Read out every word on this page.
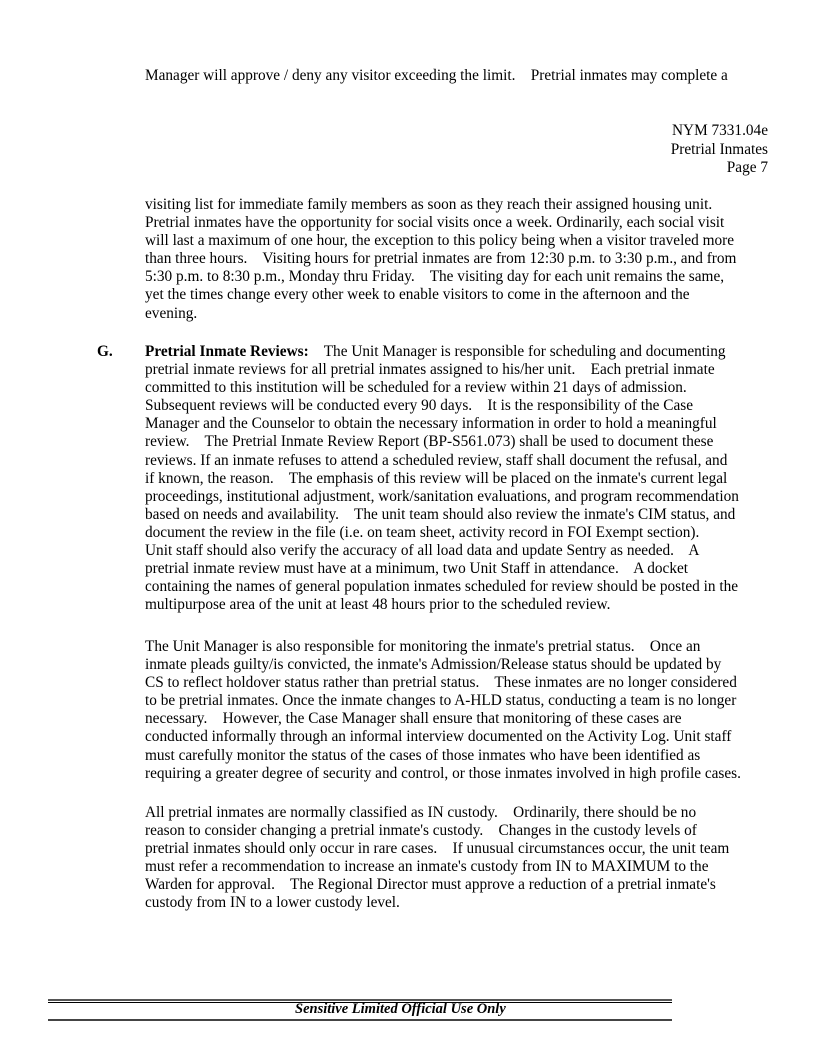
Manager will approve / deny any visitor exceeding the limit.    Pretrial inmates may complete a
NYM 7331.04e
Pretrial Inmates
Page 7
visiting list for immediate family members as soon as they reach their assigned housing unit.
Pretrial inmates have the opportunity for social visits once a week. Ordinarily, each social visit
will last a maximum of one hour, the exception to this policy being when a visitor traveled more
than three hours.    Visiting hours for pretrial inmates are from 12:30 p.m. to 3:30 p.m., and from
5:30 p.m. to 8:30 p.m., Monday thru Friday.    The visiting day for each unit remains the same,
yet the times change every other week to enable visitors to come in the afternoon and the
evening.
G. Pretrial Inmate Reviews:    The Unit Manager is responsible for scheduling and documenting
pretrial inmate reviews for all pretrial inmates assigned to his/her unit.    Each pretrial inmate
committed to this institution will be scheduled for a review within 21 days of admission.
Subsequent reviews will be conducted every 90 days.    It is the responsibility of the Case
Manager and the Counselor to obtain the necessary information in order to hold a meaningful
review.    The Pretrial Inmate Review Report (BP-S561.073) shall be used to document these
reviews. If an inmate refuses to attend a scheduled review, staff shall document the refusal, and
if known, the reason.    The emphasis of this review will be placed on the inmate's current legal
proceedings, institutional adjustment, work/sanitation evaluations, and program recommendation
based on needs and availability.    The unit team should also review the inmate's CIM status, and
document the review in the file (i.e. on team sheet, activity record in FOI Exempt section).
Unit staff should also verify the accuracy of all load data and update Sentry as needed.    A
pretrial inmate review must have at a minimum, two Unit Staff in attendance.    A docket
containing the names of general population inmates scheduled for review should be posted in the
multipurpose area of the unit at least 48 hours prior to the scheduled review.
The Unit Manager is also responsible for monitoring the inmate's pretrial status.    Once an
inmate pleads guilty/is convicted, the inmate's Admission/Release status should be updated by
CS to reflect holdover status rather than pretrial status.    These inmates are no longer considered
to be pretrial inmates. Once the inmate changes to A-HLD status, conducting a team is no longer
necessary.    However, the Case Manager shall ensure that monitoring of these cases are
conducted informally through an informal interview documented on the Activity Log. Unit staff
must carefully monitor the status of the cases of those inmates who have been identified as
requiring a greater degree of security and control, or those inmates involved in high profile cases.
All pretrial inmates are normally classified as IN custody.    Ordinarily, there should be no
reason to consider changing a pretrial inmate's custody.    Changes in the custody levels of
pretrial inmates should only occur in rare cases.    If unusual circumstances occur, the unit team
must refer a recommendation to increase an inmate's custody from IN to MAXIMUM to the
Warden for approval.    The Regional Director must approve a reduction of a pretrial inmate's
custody from IN to a lower custody level.
Sensitive Limited Official Use Only
